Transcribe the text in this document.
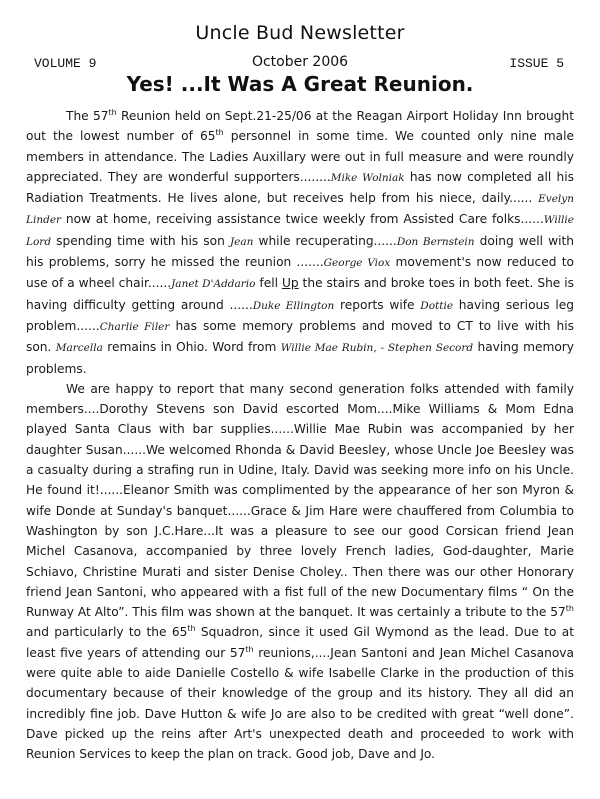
Uncle Bud Newsletter
VOLUME 9	October 2006	ISSUE 5
Yes! ...It Was A Great Reunion.

The 57th Reunion held on Sept.21-25/06 at the Reagan Airport Holiday Inn brought out the lowest number of 65th personnel in some time. We counted only nine male members in attendance. The Ladies Auxillary were out in full measure and were roundly appreciated. They are wonderful supporters........Mike Wolniak has now completed all his Radiation Treatments. He lives alone, but receives help from his niece, daily...... Evelyn Linder now at home, receiving assistance twice weekly from Assisted Care folks......Willie Lord spending time with his son Jean while recuperating......Don Bernstein doing well with his problems, sorry he missed the reunion .......George Viox movement's now reduced to use of a wheel chair......Janet D'Addario fell Up the stairs and broke toes in both feet. She is having difficulty getting around ......Duke Ellington reports wife Dottie having serious leg problem......Charlie Filer has some memory problems and moved to CT to live with his son. Marcella remains in Ohio. Word from Willie Mae Rubin, - Stephen Secord having memory problems.

We are happy to report that many second generation folks attended with family members....Dorothy Stevens son David escorted Mom....Mike Williams & Mom Edna played Santa Claus with bar supplies......Willie Mae Rubin was accompanied by her daughter Susan......We welcomed Rhonda & David Beesley, whose Uncle Joe Beesley was a casualty during a strafing run in Udine, Italy. David was seeking more info on his Uncle. He found it!......Eleanor Smith was complimented by the appearance of her son Myron & wife Donde at Sunday's banquet......Grace & Jim Hare were chauffered from Columbia to Washington by son J.C.Hare...It was a pleasure to see our good Corsican friend Jean Michel Casanova, accompanied by three lovely French ladies, God-daughter, Marie Schiavo, Christine Murati and sister Denise Choley.. Then there was our other Honorary friend Jean Santoni, who appeared with a fist full of the new Documentary films “ On the Runway At Alto”. This film was shown at the banquet. It was certainly a tribute to the 57th and particularly to the 65th Squadron, since it used Gil Wymond as the lead. Due to at least five years of attending our 57th reunions,....Jean Santoni and Jean Michel Casanova were quite able to aide Danielle Costello & wife Isabelle Clarke in the production of this documentary because of their knowledge of the group and its history. They all did an incredibly fine job. Dave Hutton & wife Jo are also to be credited with great “well done”. Dave picked up the reins after Art's unexpected death and proceeded to work with Reunion Services to keep the plan on track. Good job, Dave and Jo.
